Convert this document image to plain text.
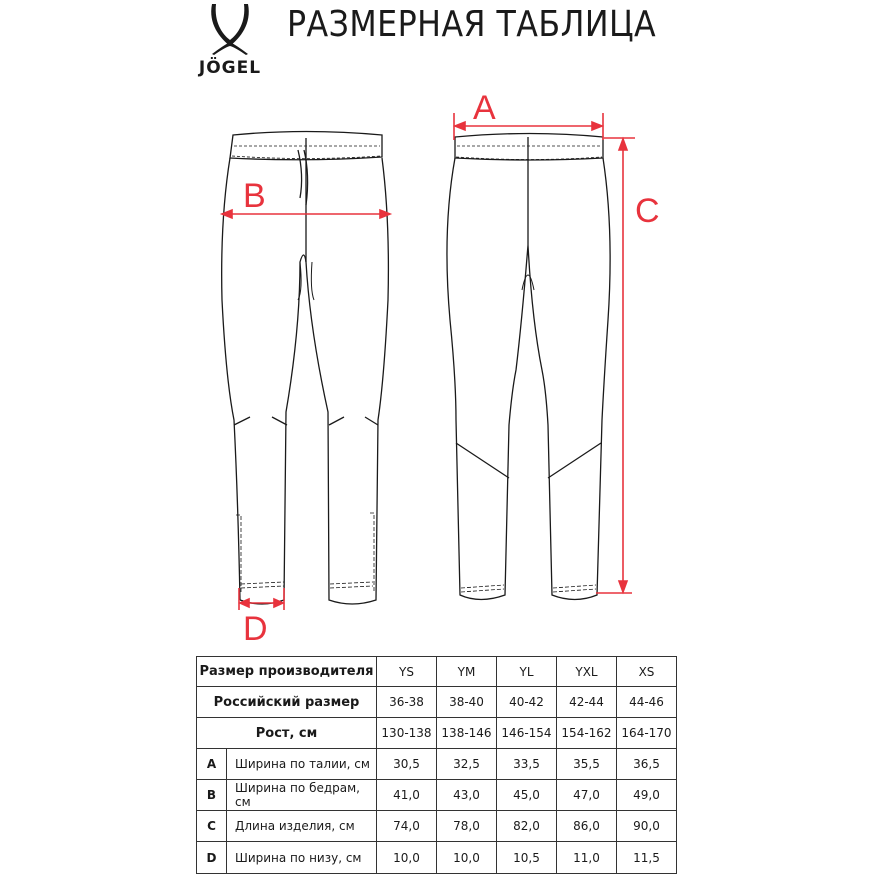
JÖGEL
РАЗМЕРНАЯ ТАБЛИЦА
A
B	C
D
Размер производителя		YS	YM	YL	YXL	XS
Российский размер		36-38	38-40	40-42	42-44	44-46
Рост, см		130-138	138-146	146-154	154-162	164-170
A	Ширина по талии, см	30,5	32,5	33,5	35,5	36,5
B	Ширина по бедрам, см	41,0	43,0	45,0	47,0	49,0
C	Длина изделия, см	74,0	78,0	82,0	86,0	90,0
D	Ширина по низу, см	10,0	10,0	10,5	11,0	11,5
